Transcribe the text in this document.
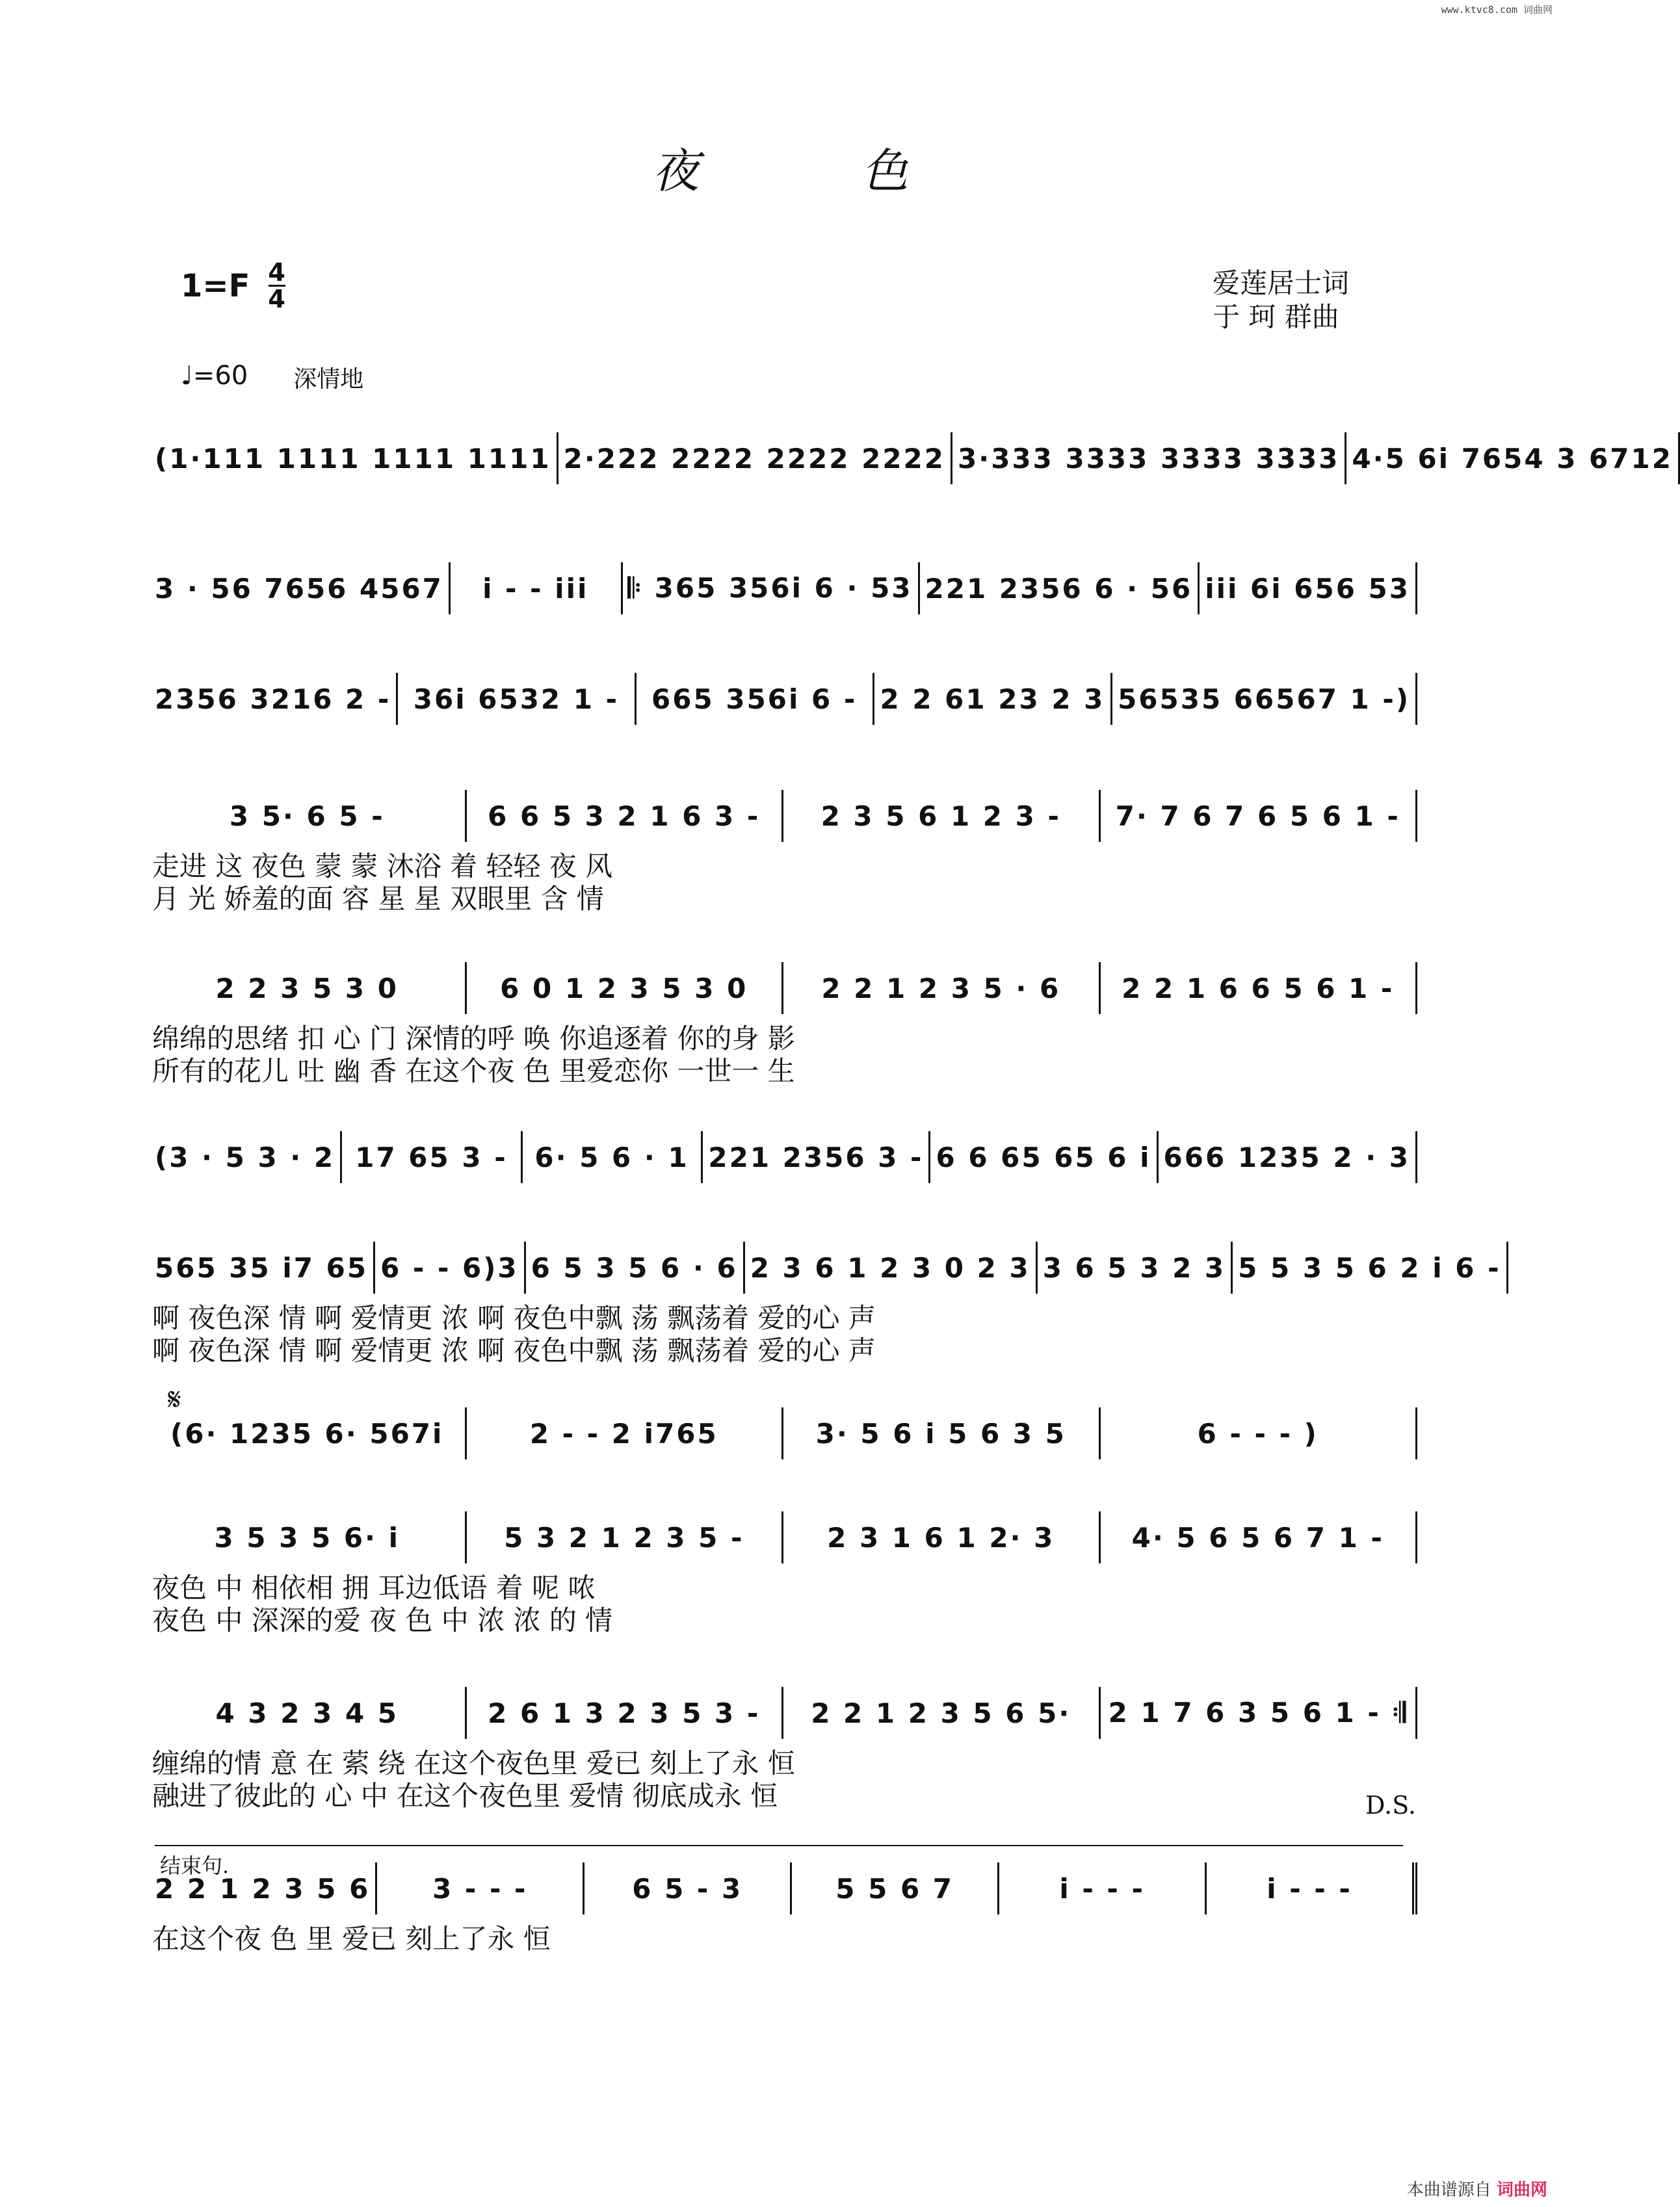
www.ktvc8.com 词曲网
夜色
$1=F \frac{4}{4}$	爱莲居士词
于 珂 群曲
♩=60 深情地
(1·111 1111 1111 1111 2·222 2222 2222 2222 3·333 3333 3333 3333 4·5 6i 7654 3 6712
3 · 56 7656 4567 i - - iii 𝄆 365 356i 6 · 53 221 2356 6 · 56 iii 6i 656 53
2356 3216 2 - 36i 6532 1 - 665 356i 6 - 2 2 61 23 2 3 56535 66567 1 -)
3 5· 6 5 -	6 6 5 3 2 1 6 3 - 2 3 5 6 1 2 3 - 7· 7 6 7 6 5 6 1 -
走进 这 夜色 蒙 蒙 沐浴 着 轻轻 夜 风
月 光 娇羞的面 容 星 星 双眼里 含 情
2 2 3 5 3 0	6 0 1 2 3 5 3 0	2 2 1 2 3 5 · 6 2 2 1 6 6 5 6 1 -
绵绵的思绪 扣 心 门 深情的呼 唤 你追逐着 你的身 影
所有的花儿 吐 幽 香 在这个夜 色 里爱恋你 一世一 生
(3 · 5 3 · 2 17 65 3 - 6· 5 6 · 1 221 2356 3 - 6 6 65 65 6 i 666 1235 2 · 3
565 35 i7 65 6 - - 6)3 6 5 3 5 6 · 6 2 3 6 1 2 3 0 2 3 3 6 5 3 2 3 5 5 3 5 6 2 i 6 -
啊 夜色深 情 啊 爱情更 浓 啊 夜色中飘 荡 飘荡着 爱的心 声
啊 夜色深 情 啊 爱情更 浓 啊 夜色中飘 荡 飘荡着 爱的心 声
(6· 1235 6· 567i	2 - - 2 i765	3· 5 6 i 5 6 3 5	6 - - - )
3 5 3 5 6· i	5 3 2 1 2 3 5 -	2 3 1 6 1 2· 3	4· 5 6 5 6 7 1 -
夜色 中 相依相 拥 耳边低语 着 呢 哝
夜色 中 深深的爱 夜 色 中 浓 浓 的 情
4 3 2 3 4 5	2 6 1 3 2 3 5 3 - 2 2 1 2 3 5 6 5· 2 1 7 6 3 5 6 1 - 𝄇
缠绵的情 意 在 萦 绕 在这个夜色里 爱已 刻上了永 恒
融进了彼此的 心 中 在这个夜色里 爱情 彻底成永 恒
2 2 1 2 3 5 6 3 - - -	6 5 - 3	5 5 6 7	i - - -	i - - -
在这个夜 色 里 爱已 刻上了永 恒
𝄋
结束句.
D.S.
本曲谱源自 词曲网
